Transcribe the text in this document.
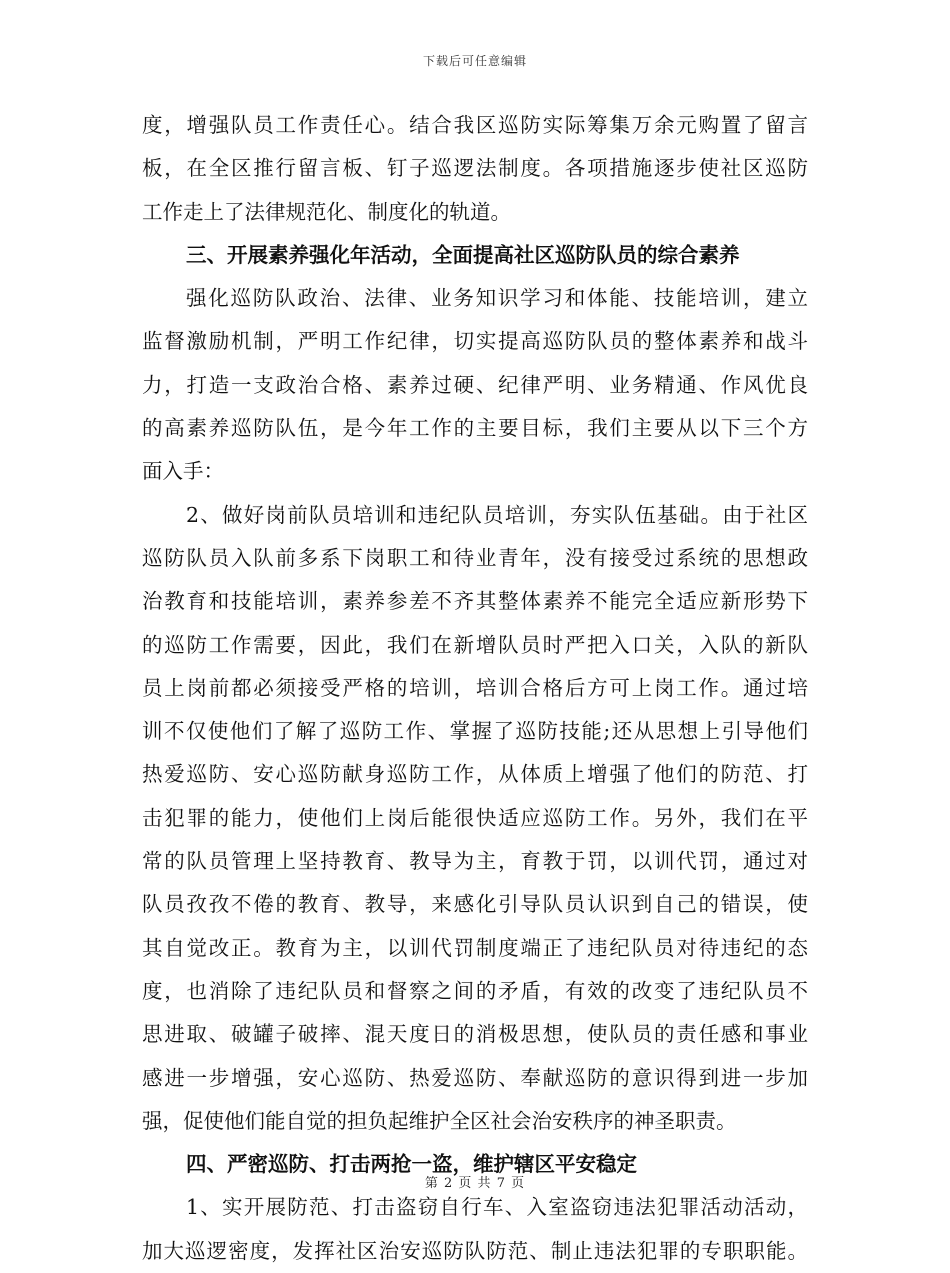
下载后可任意编辑
度，增强队员工作责任心。结合我区巡防实际筹集万余元购置了留言
板，在全区推行留言板、钉子巡逻法制度。各项措施逐步使社区巡防
工作走上了法律规范化、制度化的轨道。
三、开展素养强化年活动，全面提高社区巡防队员的综合素养
强化巡防队政治、法律、业务知识学习和体能、技能培训，建立
监督激励机制，严明工作纪律，切实提高巡防队员的整体素养和战斗
力，打造一支政治合格、素养过硬、纪律严明、业务精通、作风优良
的高素养巡防队伍，是今年工作的主要目标，我们主要从以下三个方
面入手：
2、做好岗前队员培训和违纪队员培训，夯实队伍基础。由于社区
巡防队员入队前多系下岗职工和待业青年，没有接受过系统的思想政
治教育和技能培训，素养参差不齐其整体素养不能完全适应新形势下
的巡防工作需要，因此，我们在新增队员时严把入口关，入队的新队
员上岗前都必须接受严格的培训，培训合格后方可上岗工作。通过培
训不仅使他们了解了巡防工作、掌握了巡防技能;还从思想上引导他们
热爱巡防、安心巡防献身巡防工作，从体质上增强了他们的防范、打
击犯罪的能力，使他们上岗后能很快适应巡防工作。另外，我们在平
常的队员管理上坚持教育、教导为主，育教于罚，以训代罚，通过对
队员孜孜不倦的教育、教导，来感化引导队员认识到自己的错误，使
其自觉改正。教育为主，以训代罚制度端正了违纪队员对待违纪的态
度，也消除了违纪队员和督察之间的矛盾，有效的改变了违纪队员不
思进取、破罐子破摔、混天度日的消极思想，使队员的责任感和事业
感进一步增强，安心巡防、热爱巡防、奉献巡防的意识得到进一步加
强，促使他们能自觉的担负起维护全区社会治安秩序的神圣职责。
四、严密巡防、打击两抢一盗，维护辖区平安稳定
1、实开展防范、打击盗窃自行车、入室盗窃违法犯罪活动活动，
加大巡逻密度，发挥社区治安巡防队防范、制止违法犯罪的专职职能。
第 2 页 共 7 页
